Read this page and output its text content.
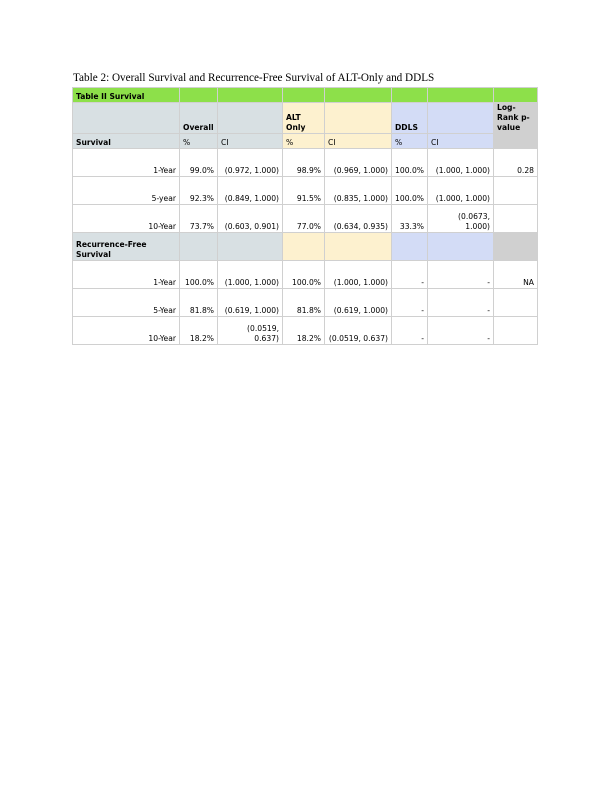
Table 2: Overall Survival and Recurrence-Free Survival of ALT-Only and DDLS
Table II Survival							
	Overall		ALT Only		DDLS		Log-Rank p-value
Survival	%	CI	%	CI	%	CI	
1-Year	99.0%	(0.972, 1.000)	98.9%	(0.969, 1.000)	100.0%	(1.000, 1.000)	0.28
5-year	92.3%	(0.849, 1.000)	91.5%	(0.835, 1.000)	100.0%	(1.000, 1.000)	
10-Year	73.7%	(0.603, 0.901)	77.0%	(0.634, 0.935)	33.3%	(0.0673, 1.000)	
Recurrence-Free Survival							
1-Year	100.0%	(1.000, 1.000)	100.0%	(1.000, 1.000)	-	-	NA
5-Year	81.8%	(0.619, 1.000)	81.8%	(0.619, 1.000)	-	-	
10-Year	18.2%	(0.0519, 0.637)	18.2%	(0.0519, 0.637)	-	-	
